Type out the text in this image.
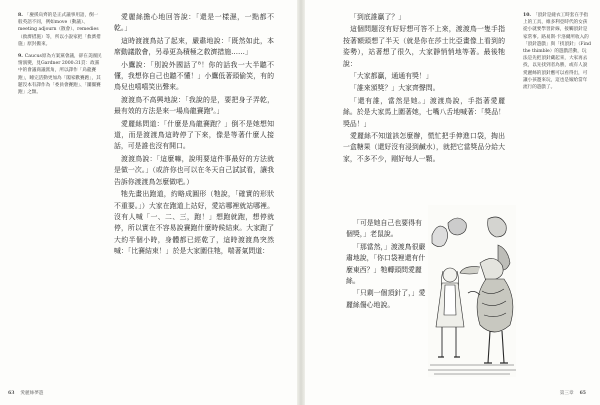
8. 「慶援烏齊的是正式議事用語，倒一般英語不同，例如move（動議）、meeting adjourn（散會）、remedies（救濟措施）等，所以小說家把「救濟措施」原封搬來。

9. Caucus原為方案黨會議，卻在美國民情演變，見Gardner 2000:31頁：政黨中的會議商議派角，所以譯作「烏龍賽跑」，睡完活動更加為「閣家歡賽跑」，其題沒本有譯作為「委員會賽跑」、「團團賽跑」之類。

愛麗絲擔心地回答說：「還是一樣濕，一點都不乾。」

這時渡渡鳥站了起來，嚴肅地說：「既然如此，本席動議散會，另尋更為積極之救濟措施……」

小鷹說：「別說外國話了⁸！你的話我一大半聽不懂，我想你自己也聽不懂！」小鷹低著頭偷笑，有的鳥兒也嘻嘻笑出聲來。

渡渡鳥不高興地說：「我說的是，要把身子弄乾，最有效的方法是來一場烏龍賽跑⁹。」

愛麗絲問道：「什麼是烏龍賽跑？」倒不是她想知道，而是渡渡鳥這時停了下來，像是等著什麼人接話，可是誰也沒有開口。

渡渡鳥說：「這麼嘛，說明要這件事最好的方法就是做一次。」（或許你也可以在冬天自己試試看，讓我告訴你渡渡鳥怎麼做吧。）

牠先畫出跑道，約略成圓形（牠說，「確實的形狀不重要。」）大家在跑道上站好，愛站哪裡就站哪裡。沒有人喊「一、二、三，跑！」想跑就跑，想停就停，所以實在不容易說賽跑什麼時候結束。大家跑了大約半個小時，身體都已經乾了，這時渡渡鳥突然喊：「比賽結束！」於是大家圍住牠，喘著氣問道：

63 愛麗絲夢遊

「到底誰贏了？」

這個問題沒有好好想可答不上來，渡渡鳥一隻手指按著額頭想了半天（就是你在莎士比亞畫像上看到的姿勢），站著想了很久，大家靜悄悄地等著。最後牠說：

「大家都贏，通通有獎！」

「誰來頒獎？」大家齊聲問。

「還有誰，當然是她。」渡渡鳥說，手指著愛麗絲。於是大家馬上圍著她，七嘴八舌地喊著：「獎品！獎品！」

愛麗絲不知道該怎麼辦，慌忙把手伸進口袋，掏出一盒糖果（還好沒有浸到鹹水），就把它當獎品分給大家，不多不少，剛好每人一顆。

10. 「頂針是縫衣工時套在手指上的工具，維多利亞時代的女孩從小就要學習針線，接觸頂針是家常事。路易斯·卡洛爾所收入的「頂針遊戲」與「找頂針」（Find the thimble）的遊戲活動，玩法是先把頂針藏起來，大家再去找，以先找到者為勝，或有人說愛麗絲的頂針應可以看得出，可讓小孩邀來玩，這也是嫁給當年流行的遊戲了。

第三章 65

「可是她自己也要得有個獎，」老鼠說。

「那當然，」渡渡鳥很嚴肅地說，「你口袋裡還有什麼東西？」牠轉頭問愛麗絲。

「只剩一個頂針了，」愛麗絲傷心地說。
